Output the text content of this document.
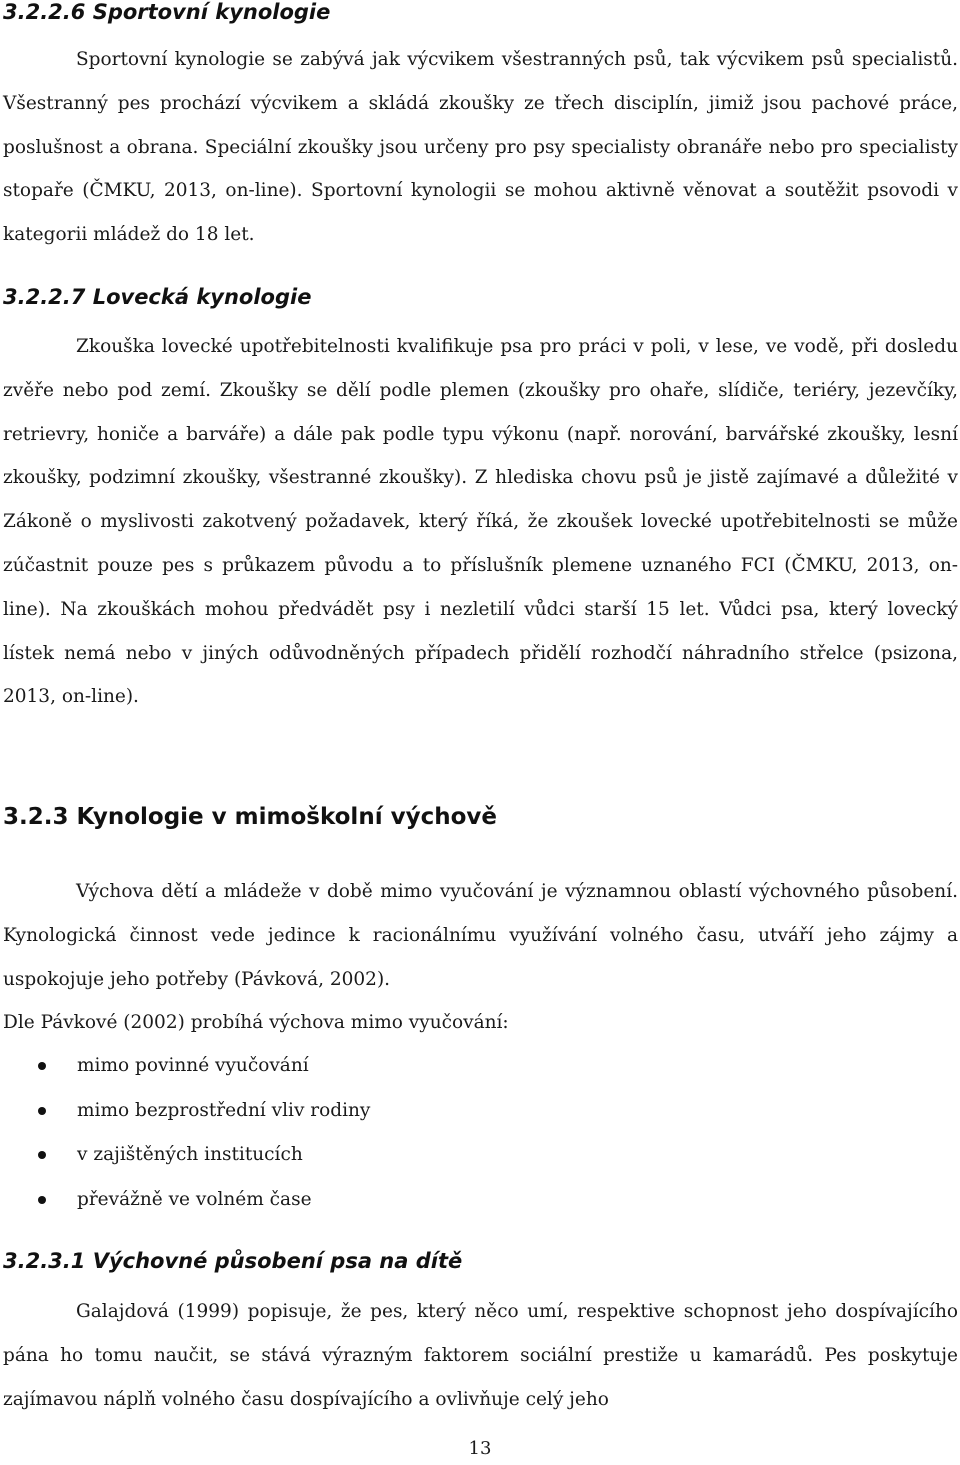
3.2.2.6 Sportovní kynologie

Sportovní kynologie se zabývá jak výcvikem všestranných psů, tak výcvikem psů specialistů. Všestranný pes prochází výcvikem a skládá zkoušky ze třech disciplín, jimiž jsou pachové práce, poslušnost a obrana. Speciální zkoušky jsou určeny pro psy specialisty obranáře nebo pro specialisty stopaře (ČMKU, 2013, on-line). Sportovní kynologii se mohou aktivně věnovat a soutěžit psovodi v kategorii mládež do 18 let.

3.2.2.7 Lovecká kynologie

Zkouška lovecké upotřebitelnosti kvalifikuje psa pro práci v poli, v lese, ve vodě, při dosledu zvěře nebo pod zemí. Zkoušky se dělí podle plemen (zkoušky pro ohaře, slídiče, teriéry, jezevčíky, retrievry, honiče a barváře) a dále pak podle typu výkonu (např. norování, barvářské zkoušky, lesní zkoušky, podzimní zkoušky, všestranné zkoušky). Z hlediska chovu psů je jistě zajímavé a důležité v Zákoně o myslivosti zakotvený požadavek, který říká, že zkoušek lovecké upotřebitelnosti se může zúčastnit pouze pes s průkazem původu a to příslušník plemene uznaného FCI (ČMKU, 2013, on-line). Na zkouškách mohou předvádět psy i nezletilí vůdci starší 15 let. Vůdci psa, který lovecký lístek nemá nebo v jiných odůvodněných případech přidělí rozhodčí náhradního střelce (psizona, 2013, on-line).

3.2.3 Kynologie v mimoškolní výchově

Výchova dětí a mládeže v době mimo vyučování je významnou oblastí výchovného působení. Kynologická činnost vede jedince k racionálnímu využívání volného času, utváří jeho zájmy a uspokojuje jeho potřeby (Pávková, 2002).

Dle Pávkové (2002) probíhá výchova mimo vyučování:

mimo povinné vyučování
mimo bezprostřední vliv rodiny
v zajištěných institucích
převážně ve volném čase
3.2.3.1 Výchovné působení psa na dítě

Galajdová (1999) popisuje, že pes, který něco umí, respektive schopnost jeho dospívajícího pána ho tomu naučit, se stává výrazným faktorem sociální prestiže u kamarádů. Pes poskytuje zajímavou náplň volného času dospívajícího a ovlivňuje celý jeho

13
